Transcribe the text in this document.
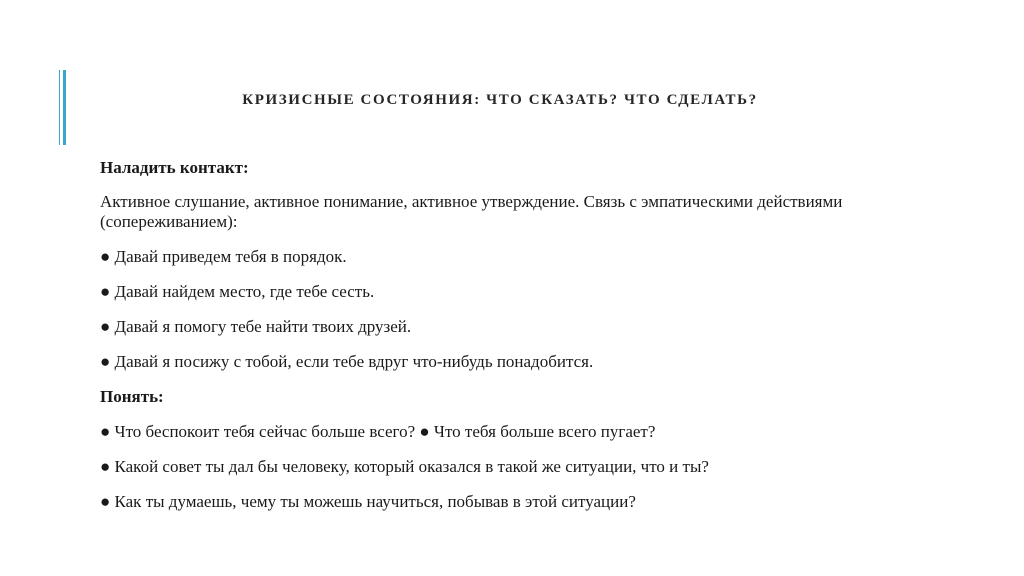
КРИЗИСНЫЕ СОСТОЯНИЯ: ЧТО СКАЗАТЬ? ЧТО СДЕЛАТЬ?

Наладить контакт:

Активное слушание, активное понимание, активное утверждение. Связь с эмпатическими действиями (сопереживанием):

● Давай приведем тебя в порядок.

● Давай найдем место, где тебе сесть.

● Давай я помогу тебе найти твоих друзей.

● Давай я посижу с тобой, если тебе вдруг что-нибудь понадобится.

Понять:

● Что беспокоит тебя сейчас больше всего? ● Что тебя больше всего пугает?

● Какой совет ты дал бы человеку, который оказался в такой же ситуации, что и ты?

● Как ты думаешь, чему ты можешь научиться, побывав в этой ситуации?
